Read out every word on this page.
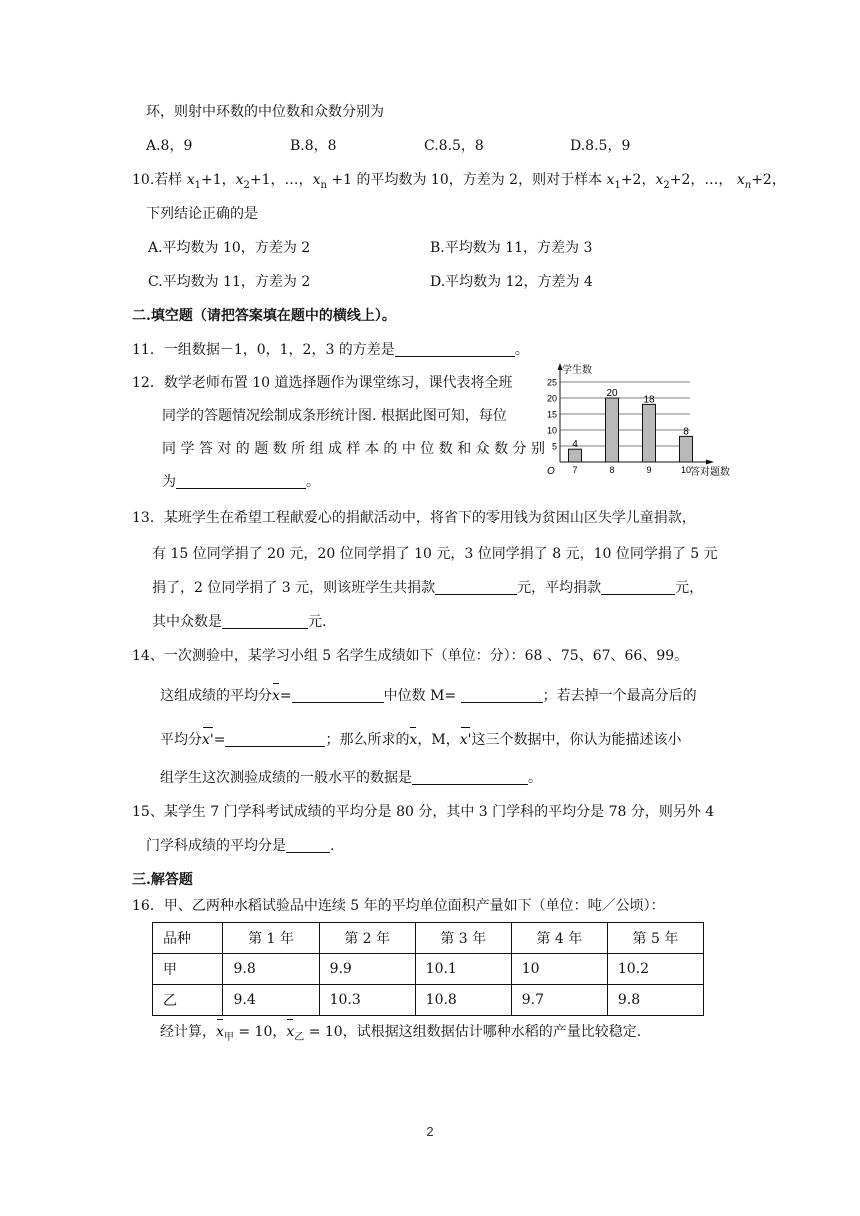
环，则射中环数的中位数和众数分别为
A.8，9	B.8，8	C.8.5，8	D.8.5，9
10.若样 $x_1+1$，$x_2+1$，…，$x_n +1$ 的平均数为 10，方差为 2，则对于样本 $x_1+2$，$x_2+2$，…， $x_n+2$，
下列结论正确的是
A.平均数为 10，方差为 2	B.平均数为 11，方差为 3
C.平均数为 11，方差为 2	D.平均数为 12，方差为 4
二.填空题（请把答案填在题中的横线上）。
11．一组数据－1，0，1，2，3 的方差是	。
12．数学老师布置 10 道选择题作为课堂练习，课代表将全班
同学的答题情况绘制成条形统计图. 根据此图可知，每位
同 学 答 对 的 题 数 所 组 成 样 本 的 中 位 数 和 众 数 分 别
为	。
学生数
O	答对题数
5
10
15
20
25
4
7
20
8
18
9
8
10
13．某班学生在希望工程献爱心的捐献活动中，将省下的零用钱为贫困山区失学儿童捐款，
有 15 位同学捐了 20 元，20 位同学捐了 10 元，3 位同学捐了 8 元，10 位同学捐了 5 元
捐了，2 位同学捐了 3 元，则该班学生共捐款	元，平均捐款	元，
其中众数是	元.
14、一次测验中，某学习小组 5 名学生成绩如下（单位：分）：68 、75、67、66、99。
这组成绩的平均分x=	中位数 M=	；若去掉一个最高分后的
平均分x'=	；那么所求的x，M，x'这三个数据中，你认为能描述该小
组学生这次测验成绩的一般水平的数据是	。
15、某学生 7 门学科考试成绩的平均分是 80 分，其中 3 门学科的平均分是 78 分，则另外 4
门学科成绩的平均分是	.
三.解答题
16．甲、乙两种水稻试验品中连续 5 年的平均单位面积产量如下（单位：吨／公顷）：
品种	第 1 年	第 2 年	第 3 年	第 4 年	第 5 年
甲	9.8	9.9	10.1	10	10.2
乙	9.4	10.3	10.8	9.7	9.8
经计算，$x_甲 = 10$，$x_乙 = 10$，试根据这组数据估计哪种水稻的产量比较稳定.
2
